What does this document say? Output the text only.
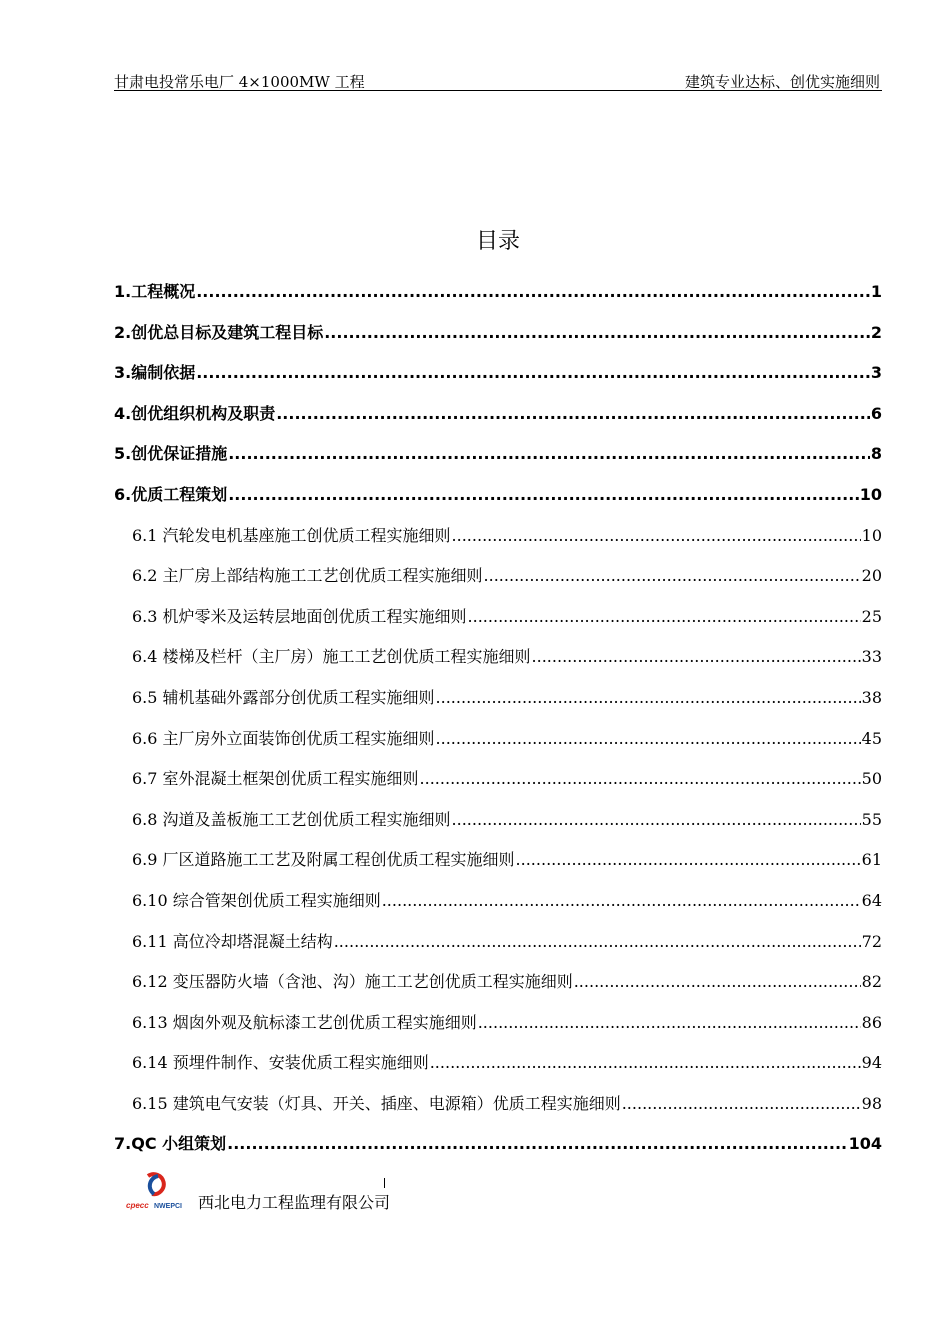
甘肃电投常乐电厂 4×1000MW 工程	建筑专业达标、创优实施细则
目录
1.工程概况 .....	1
2.创优总目标及建筑工程目标 .....	2
3.编制依据 .....	3
4.创优组织机构及职责 .....	6
5.创优保证措施 .....	8
6.优质工程策划 .....	10
6.1 汽轮发电机基座施工创优质工程实施细则 .....	10
6.2 主厂房上部结构施工工艺创优质工程实施细则 .....	20
6.3 机炉零米及运转层地面创优质工程实施细则 .....	25
6.4 楼梯及栏杆（主厂房）施工工艺创优质工程实施细则 .....	33
6.5 辅机基础外露部分创优质工程实施细则 .....	38
6.6 主厂房外立面装饰创优质工程实施细则 .....	45
6.7 室外混凝土框架创优质工程实施细则 .....	50
6.8 沟道及盖板施工工艺创优质工程实施细则 .....	55
6.9 厂区道路施工工艺及附属工程创优质工程实施细则 .....	61
6.10 综合管架创优质工程实施细则 .....	64
6.11 高位冷却塔混凝土结构 .....	72
6.12 变压器防火墙（含池、沟）施工工艺创优质工程实施细则 .....	82
6.13 烟囱外观及航标漆工艺创优质工程实施细则 .....	86
6.14 预埋件制作、安装优质工程实施细则 .....	94
6.15 建筑电气安装（灯具、开关、插座、电源箱）优质工程实施细则 .....	98
7.QC 小组策划 .....	104
cpecc NWEPCI 西北电力工程监理有限公司
